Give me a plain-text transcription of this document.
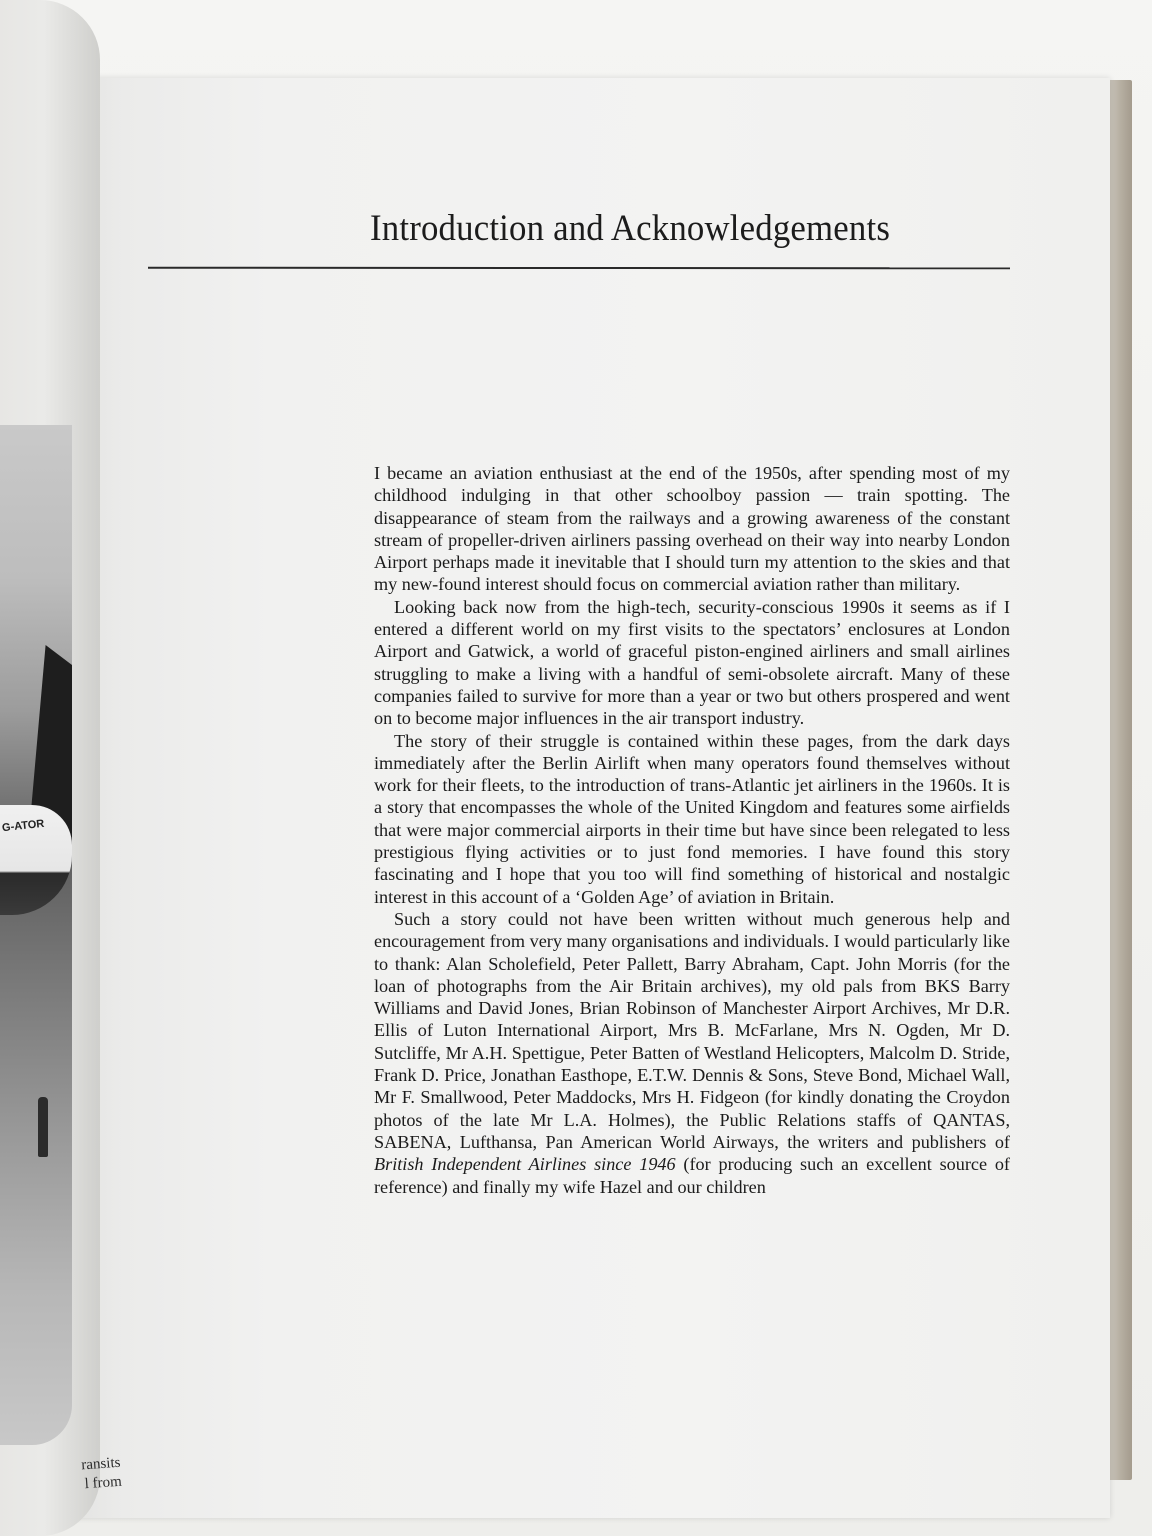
G-ATOR
ransits
l from
Introduction and Acknowledgements

I became an aviation enthusiast at the end of the 1950s, after spending most of my childhood indulging in that other schoolboy passion — train spotting. The disappearance of steam from the railways and a growing awareness of the constant stream of propeller-driven airliners passing overhead on their way into nearby London Airport perhaps made it inevitable that I should turn my attention to the skies and that my new-found interest should focus on commercial aviation rather than military.

Looking back now from the high-tech, security-conscious 1990s it seems as if I entered a different world on my first visits to the spectators’ enclosures at London Airport and Gatwick, a world of graceful piston-engined airliners and small airlines struggling to make a living with a handful of semi-obsolete aircraft. Many of these companies failed to survive for more than a year or two but others prospered and went on to become major influences in the air transport industry.

The story of their struggle is contained within these pages, from the dark days immediately after the Berlin Airlift when many operators found themselves without work for their fleets, to the introduction of trans-Atlantic jet airliners in the 1960s. It is a story that encompasses the whole of the United Kingdom and features some airfields that were major commercial airports in their time but have since been relegated to less prestigious flying activities or to just fond memories. I have found this story fascinating and I hope that you too will find something of historical and nostalgic interest in this account of a ‘Golden Age’ of aviation in Britain.

Such a story could not have been written without much generous help and encouragement from very many organisations and individuals. I would particularly like to thank: Alan Scholefield, Peter Pallett, Barry Abraham, Capt. John Morris (for the loan of photographs from the Air Britain archives), my old pals from BKS Barry Williams and David Jones, Brian Robinson of Manchester Airport Archives, Mr D.R. Ellis of Luton International Airport, Mrs B. McFarlane, Mrs N. Ogden, Mr D. Sutcliffe, Mr A.H. Spettigue, Peter Batten of Westland Helicopters, Malcolm D. Stride, Frank D. Price, Jonathan Easthope, E.T.W. Dennis & Sons, Steve Bond, Michael Wall, Mr F. Smallwood, Peter Maddocks, Mrs H. Fidgeon (for kindly donating the Croydon photos of the late Mr L.A. Holmes), the Public Relations staffs of QANTAS, SABENA, Lufthansa, Pan American World Airways, the writers and publishers of British Independent Airlines since 1946 (for producing such an excellent source of reference) and finally my wife Hazel and our children
